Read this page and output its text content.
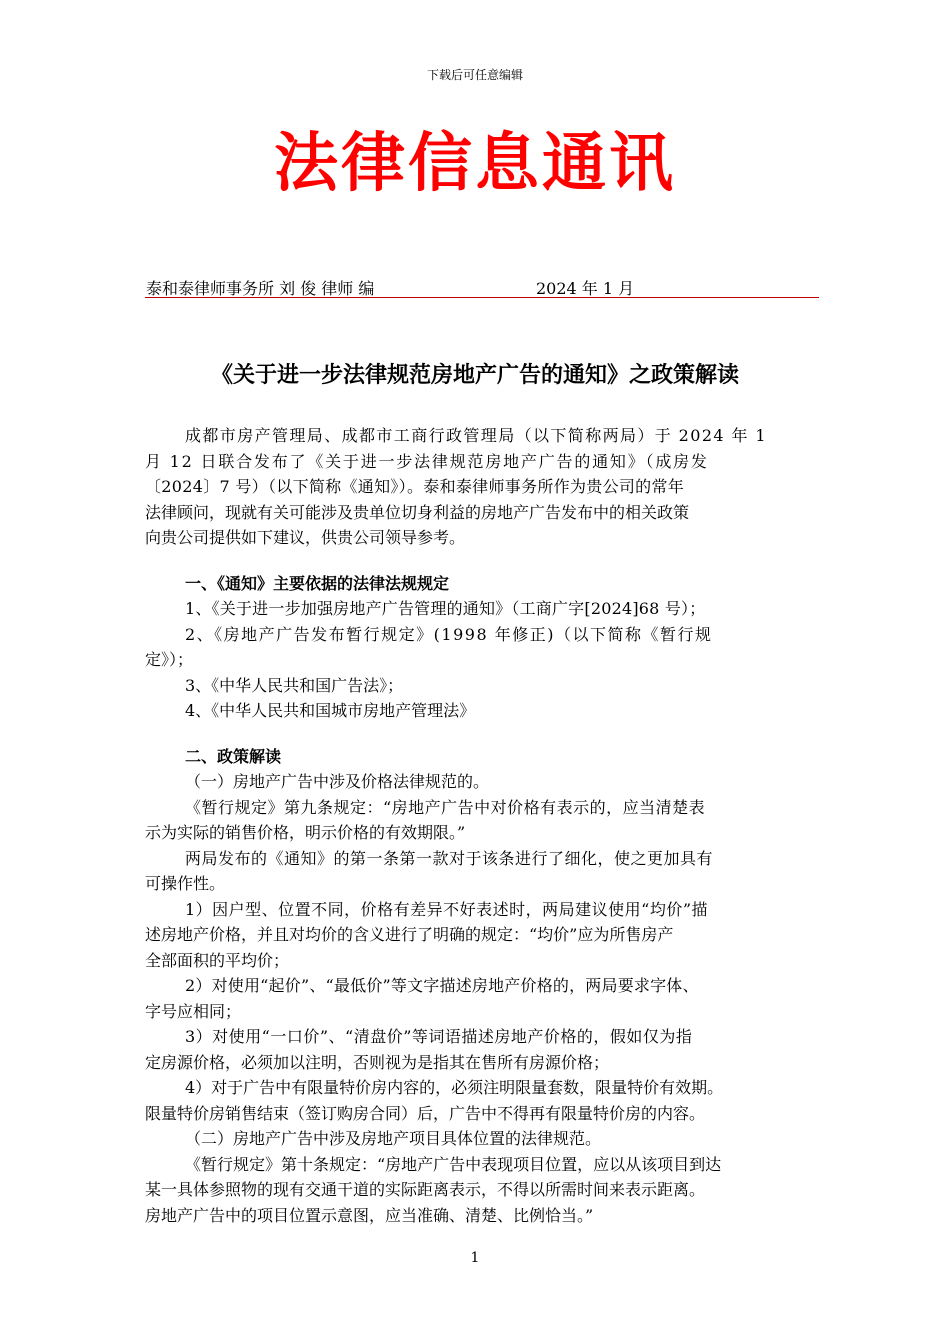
下载后可任意编辑
法律信息通讯
泰和泰律师事务所 刘 俊 律师 编	2024 年 1 月
《关于进一步法律规范房地产广告的通知》之政策解读
成都市房产管理局、成都市工商行政管理局（以下简称两局）于 2024 年 1
月 12 日联合发布了《关于进一步法律规范房地产广告的通知》（成房发
〔2024〕7 号）（以下简称《通知》）。泰和泰律师事务所作为贵公司的常年
法律顾问，现就有关可能涉及贵单位切身利益的房地产广告发布中的相关政策
向贵公司提供如下建议，供贵公司领导参考。
一、《通知》主要依据的法律法规规定
1、《关于进一步加强房地产广告管理的通知》（工商广字[2024]68 号）；
2、《房地产广告发布暂行规定》(1998 年修正)（以下简称《暂行规
定》）；
3、《中华人民共和国广告法》；
4、《中华人民共和国城市房地产管理法》
二、政策解读
（一）房地产广告中涉及价格法律规范的。
《暂行规定》第九条规定：“房地产广告中对价格有表示的，应当清楚表
示为实际的销售价格，明示价格的有效期限。”
两局发布的《通知》的第一条第一款对于该条进行了细化，使之更加具有
可操作性。
1）因户型、位置不同，价格有差异不好表述时，两局建议使用“均价”描
述房地产价格，并且对均价的含义进行了明确的规定：“均价”应为所售房产
全部面积的平均价；
2）对使用“起价”、“最低价”等文字描述房地产价格的，两局要求字体、
字号应相同；
3）对使用“一口价”、“清盘价”等词语描述房地产价格的，假如仅为指
定房源价格，必须加以注明，否则视为是指其在售所有房源价格；
4）对于广告中有限量特价房内容的，必须注明限量套数，限量特价有效期。
限量特价房销售结束（签订购房合同）后，广告中不得再有限量特价房的内容。
（二）房地产广告中涉及房地产项目具体位置的法律规范。
《暂行规定》第十条规定：“房地产广告中表现项目位置，应以从该项目到达
某一具体参照物的现有交通干道的实际距离表示，不得以所需时间来表示距离。
房地产广告中的项目位置示意图，应当准确、清楚、比例恰当。”
1
